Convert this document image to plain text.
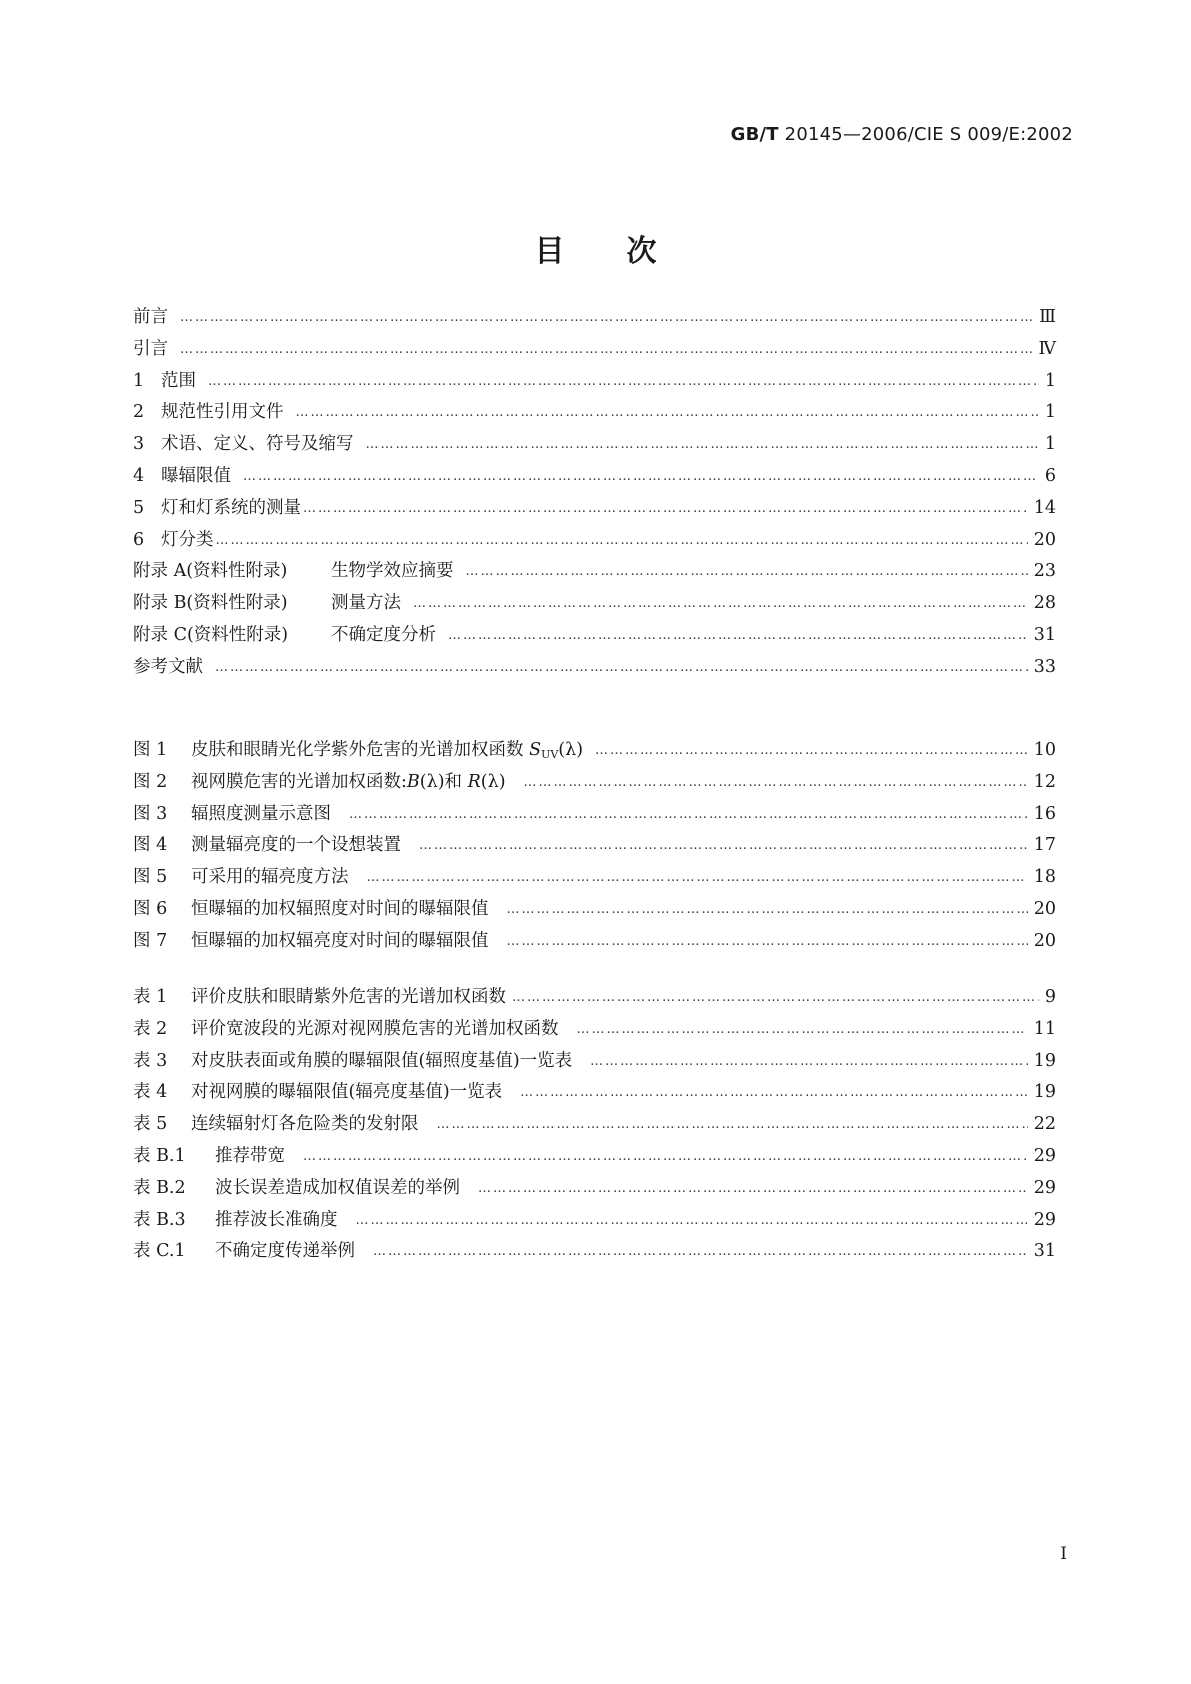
GB/T 20145—2006/CIE S 009/E:2002
目 次
前言 ……………………………………………………………………………………………………………………………………………………………………………………………………………………………………………………	Ⅲ
引言 ……………………………………………………………………………………………………………………………………………………………………………………………………………………………………………………	Ⅳ
1 范围 ……………………………………………………………………………………………………………………………………………………………………………………………………………………………………………………	1
2 规范性引用文件 ……………………………………………………………………………………………………………………………………………………………………………………………………………………………………………………	1
3 术语、定义、符号及缩写 ……………………………………………………………………………………………………………………………………………………………………………………………………………………………………………………	1
4 曝辐限值 ……………………………………………………………………………………………………………………………………………………………………………………………………………………………………………………	6
5 灯和灯系统的测量 ……………………………………………………………………………………………………………………………………………………………………………………………………………………………………………………	14
6 灯分类 ……………………………………………………………………………………………………………………………………………………………………………………………………………………………………………………	20
附录 A(资料性附录)	生物学效应摘要 ……………………………………………………………………………………………………………………………………………………………………………………………………………………………………………………	23
附录 B(资料性附录)	测量方法 ……………………………………………………………………………………………………………………………………………………………………………………………………………………………………………………	28
附录 C(资料性附录)	不确定度分析 ……………………………………………………………………………………………………………………………………………………………………………………………………………………………………………………	31
参考文献 ……………………………………………………………………………………………………………………………………………………………………………………………………………………………………………………	33
图 1	皮肤和眼睛光化学紫外危害的光谱加权函数 $S_{UV}(\lambda)$ ……………………………………………………………………………………………………………………………………………………………………………………………………………………………………………………	10
图 2	视网膜危害的光谱加权函数:B(λ)和 R(λ) ……………………………………………………………………………………………………………………………………………………………………………………………………………………………………………………	12
图 3	辐照度测量示意图 ……………………………………………………………………………………………………………………………………………………………………………………………………………………………………………………	16
图 4	测量辐亮度的一个设想装置 ……………………………………………………………………………………………………………………………………………………………………………………………………………………………………………………	17
图 5	可采用的辐亮度方法 ……………………………………………………………………………………………………………………………………………………………………………………………………………………………………………………	18
图 6	恒曝辐的加权辐照度对时间的曝辐限值 ……………………………………………………………………………………………………………………………………………………………………………………………………………………………………………………	20
图 7	恒曝辐的加权辐亮度对时间的曝辐限值 ……………………………………………………………………………………………………………………………………………………………………………………………………………………………………………………	20
表 1	评价皮肤和眼睛紫外危害的光谱加权函数 ……………………………………………………………………………………………………………………………………………………………………………………………………………………………………………………	9
表 2	评价宽波段的光源对视网膜危害的光谱加权函数 ……………………………………………………………………………………………………………………………………………………………………………………………………………………………………………………	11
表 3	对皮肤表面或角膜的曝辐限值(辐照度基值)一览表 ……………………………………………………………………………………………………………………………………………………………………………………………………………………………………………………	19
表 4	对视网膜的曝辐限值(辐亮度基值)一览表 ……………………………………………………………………………………………………………………………………………………………………………………………………………………………………………………	19
表 5	连续辐射灯各危险类的发射限 ……………………………………………………………………………………………………………………………………………………………………………………………………………………………………………………	22
表 B.1	推荐带宽 ……………………………………………………………………………………………………………………………………………………………………………………………………………………………………………………	29
表 B.2	波长误差造成加权值误差的举例 ……………………………………………………………………………………………………………………………………………………………………………………………………………………………………………………	29
表 B.3	推荐波长准确度 ……………………………………………………………………………………………………………………………………………………………………………………………………………………………………………………	29
表 C.1	不确定度传递举例 ……………………………………………………………………………………………………………………………………………………………………………………………………………………………………………………	31
I
